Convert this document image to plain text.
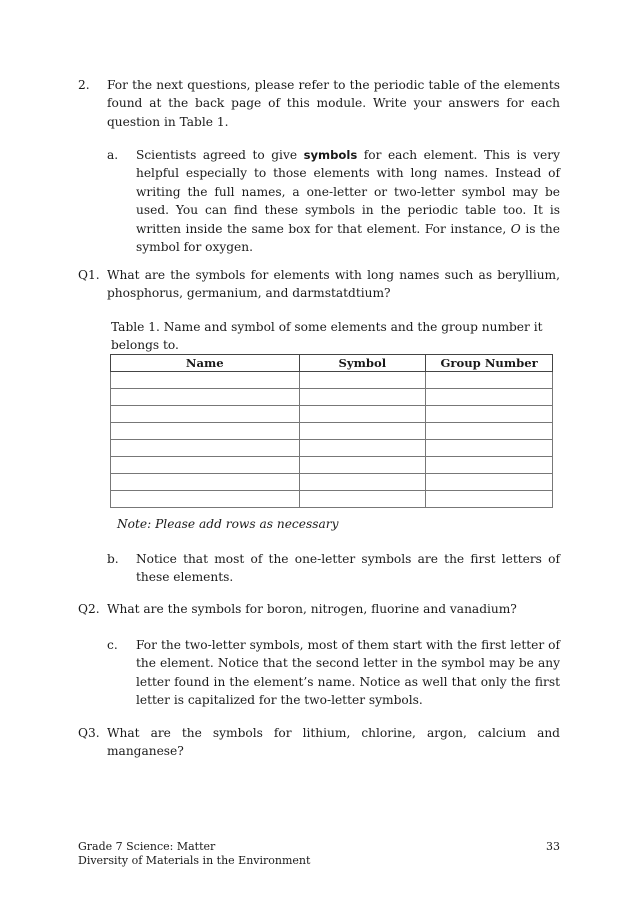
2. For the next questions, please refer to the periodic table of the elements found at the back page of this module. Write your answers for each question in Table 1.
a. Scientists agreed to give symbols for each element. This is very helpful especially to those elements with long names. Instead of writing the full names, a one-letter or two-letter symbol may be used. You can find these symbols in the periodic table too. It is written inside the same box for that element. For instance, O is the symbol for oxygen.
Q1. What are the symbols for elements with long names such as beryllium, phosphorus, germanium, and darmstatdtium?
Table 1. Name and symbol of some elements and the group number it belongs to.
Name	Symbol	Group Number

Note: Please add rows as necessary
b. Notice that most of the one-letter symbols are the first letters of these elements.
Q2. What are the symbols for boron, nitrogen, fluorine and vanadium?
c. For the two-letter symbols, most of them start with the first letter of the element. Notice that the second letter in the symbol may be any letter found in the element’s name. Notice as well that only the first letter is capitalized for the two-letter symbols.
Q3. What are the symbols for lithium, chlorine, argon, calcium and manganese?
Grade 7 Science: Matter
Diversity of Materials in the Environment
33
